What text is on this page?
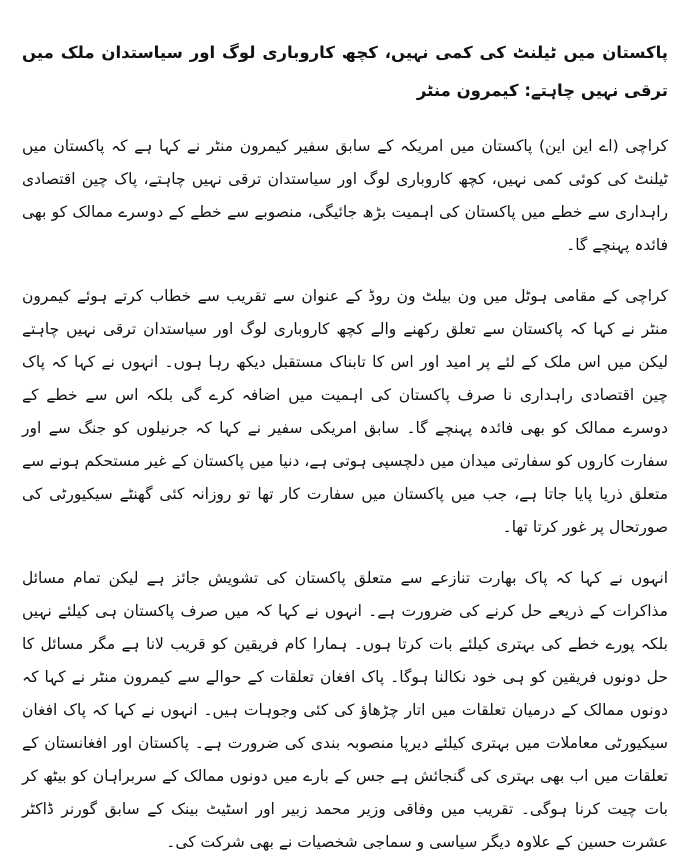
پاکستان میں ٹیلنٹ کی کمی نہیں، کچھ کاروباری لوگ اور سیاستدان ملک میں ترقی نہیں چاہتے: کیمرون منٹر

کراچی (اے این این) پاکستان میں امریکہ کے سابق سفیر کیمرون منٹر نے کہا ہے کہ پاکستان میں ٹیلنٹ کی کوئی کمی نہیں، کچھ کاروباری لوگ اور سیاستدان ترقی نہیں چاہتے، پاک چین اقتصادی راہداری سے خطے میں پاکستان کی اہمیت بڑھ جائیگی، منصوبے سے خطے کے دوسرے ممالک کو بھی فائدہ پہنچے گا۔

کراچی کے مقامی ہوٹل میں ون بیلٹ ون روڈ کے عنوان سے تقریب سے خطاب کرتے ہوئے کیمرون منٹر نے کہا کہ پاکستان سے تعلق رکھنے والے کچھ کاروباری لوگ اور سیاستدان ترقی نہیں چاہتے لیکن میں اس ملک کے لئے پر امید اور اس کا تابناک مستقبل دیکھ رہا ہوں۔ انہوں نے کہا کہ پاک چین اقتصادی راہداری نا صرف پاکستان کی اہمیت میں اضافہ کرے گی بلکہ اس سے خطے کے دوسرے ممالک کو بھی فائدہ پہنچے گا۔ سابق امریکی سفیر نے کہا کہ جرنیلوں کو جنگ سے اور سفارت کاروں کو سفارتی میدان میں دلچسپی ہوتی ہے، دنیا میں پاکستان کے غیر مستحکم ہونے سے متعلق ذریا پایا جاتا ہے، جب میں پاکستان میں سفارت کار تھا تو روزانہ کئی گھنٹے سیکیورٹی کی صورتحال پر غور کرتا تھا۔

انہوں نے کہا کہ پاک بھارت تنازعے سے متعلق پاکستان کی تشویش جائز ہے لیکن تمام مسائل مذاکرات کے ذریعے حل کرنے کی ضرورت ہے۔ انہوں نے کہا کہ میں صرف پاکستان ہی کیلئے نہیں بلکہ پورے خطے کی بہتری کیلئے بات کرتا ہوں۔ ہمارا کام فریقین کو قریب لانا ہے مگر مسائل کا حل دونوں فریقین کو ہی خود نکالنا ہوگا۔ پاک افغان تعلقات کے حوالے سے کیمرون منٹر نے کہا کہ دونوں ممالک کے درمیان تعلقات میں اتار چڑھاؤ کی کئی وجوہات ہیں۔ انہوں نے کہا کہ پاک افغان سیکیورٹی معاملات میں بہتری کیلئے دیرپا منصوبہ بندی کی ضرورت ہے۔ پاکستان اور افغانستان کے تعلقات میں اب بھی بہتری کی گنجائش ہے جس کے بارے میں دونوں ممالک کے سربراہان کو بیٹھ کر بات چیت کرنا ہوگی۔ تقریب میں وفاقی وزیر محمد زبیر اور اسٹیٹ بینک کے سابق گورنر ڈاکٹر عشرت حسین کے علاوہ دیگر سیاسی و سماجی شخصیات نے بھی شرکت کی۔
